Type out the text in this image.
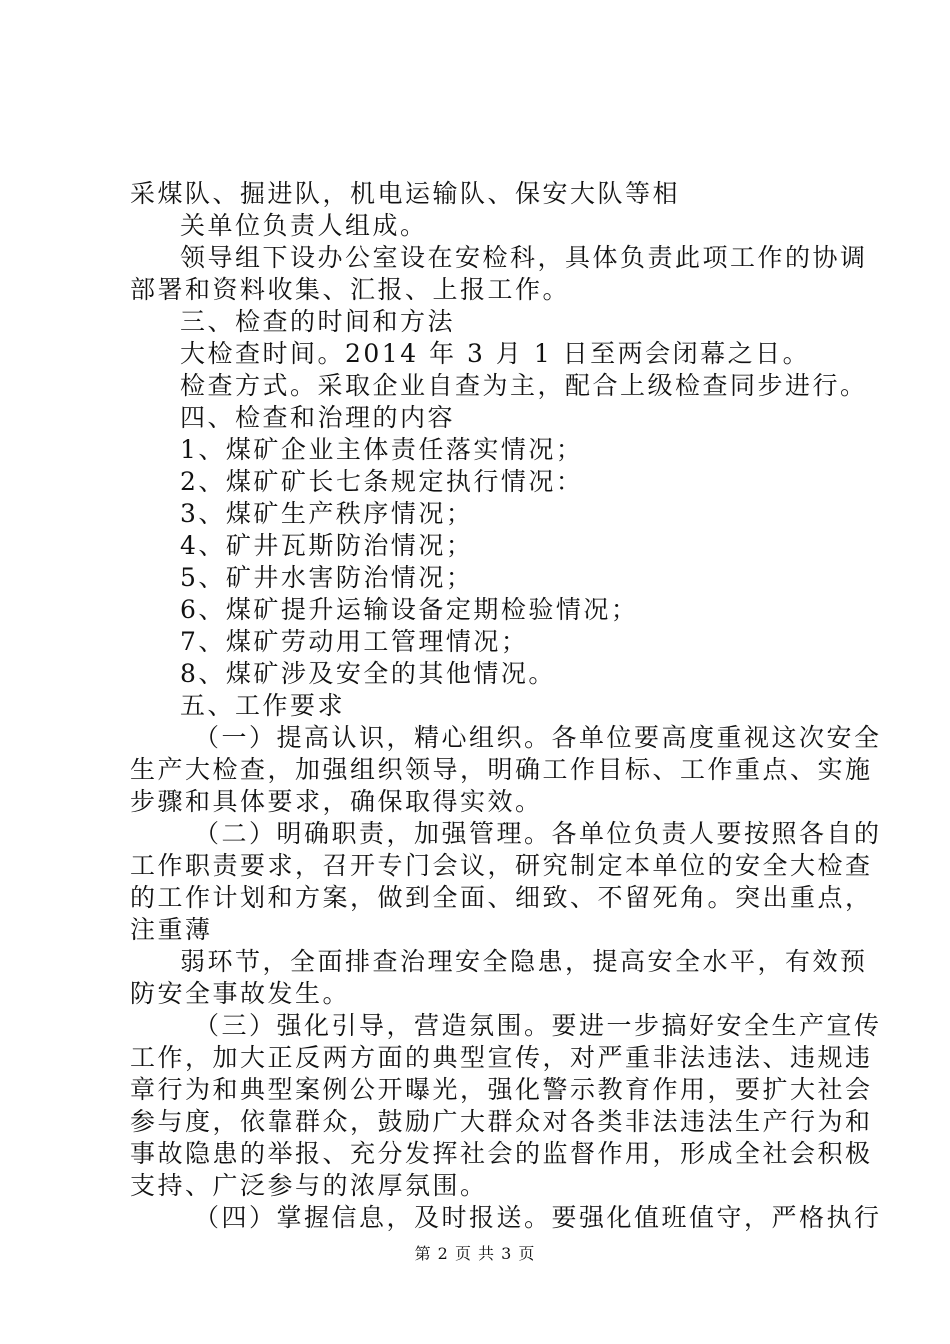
采煤队、掘进队，机电运输队、保安大队等相
关单位负责人组成。
领导组下设办公室设在安检科，具体负责此项工作的协调
部署和资料收集、汇报、上报工作。
三、检查的时间和方法
大检查时间。2014 年 3 月 1 日至两会闭幕之日。
检查方式。采取企业自查为主，配合上级检查同步进行。
四、检查和治理的内容
1、煤矿企业主体责任落实情况；
2、煤矿矿长七条规定执行情况：
3、煤矿生产秩序情况；
4、矿井瓦斯防治情况；
5、矿井水害防治情况；
6、煤矿提升运输设备定期检验情况；
7、煤矿劳动用工管理情况；
8、煤矿涉及安全的其他情况。
五、工作要求
（一）提高认识，精心组织。各单位要高度重视这次安全
生产大检查，加强组织领导，明确工作目标、工作重点、实施
步骤和具体要求，确保取得实效。
（二）明确职责，加强管理。各单位负责人要按照各自的
工作职责要求，召开专门会议，研究制定本单位的安全大检查
的工作计划和方案，做到全面、细致、不留死角。突出重点，
注重薄
弱环节，全面排查治理安全隐患，提高安全水平，有效预
防安全事故发生。
（三）强化引导，营造氛围。要进一步搞好安全生产宣传
工作，加大正反两方面的典型宣传，对严重非法违法、违规违
章行为和典型案例公开曝光，强化警示教育作用，要扩大社会
参与度，依靠群众，鼓励广大群众对各类非法违法生产行为和
事故隐患的举报、充分发挥社会的监督作用，形成全社会积极
支持、广泛参与的浓厚氛围。
（四）掌握信息，及时报送。要强化值班值守，严格执行
第 2 页 共 3 页
